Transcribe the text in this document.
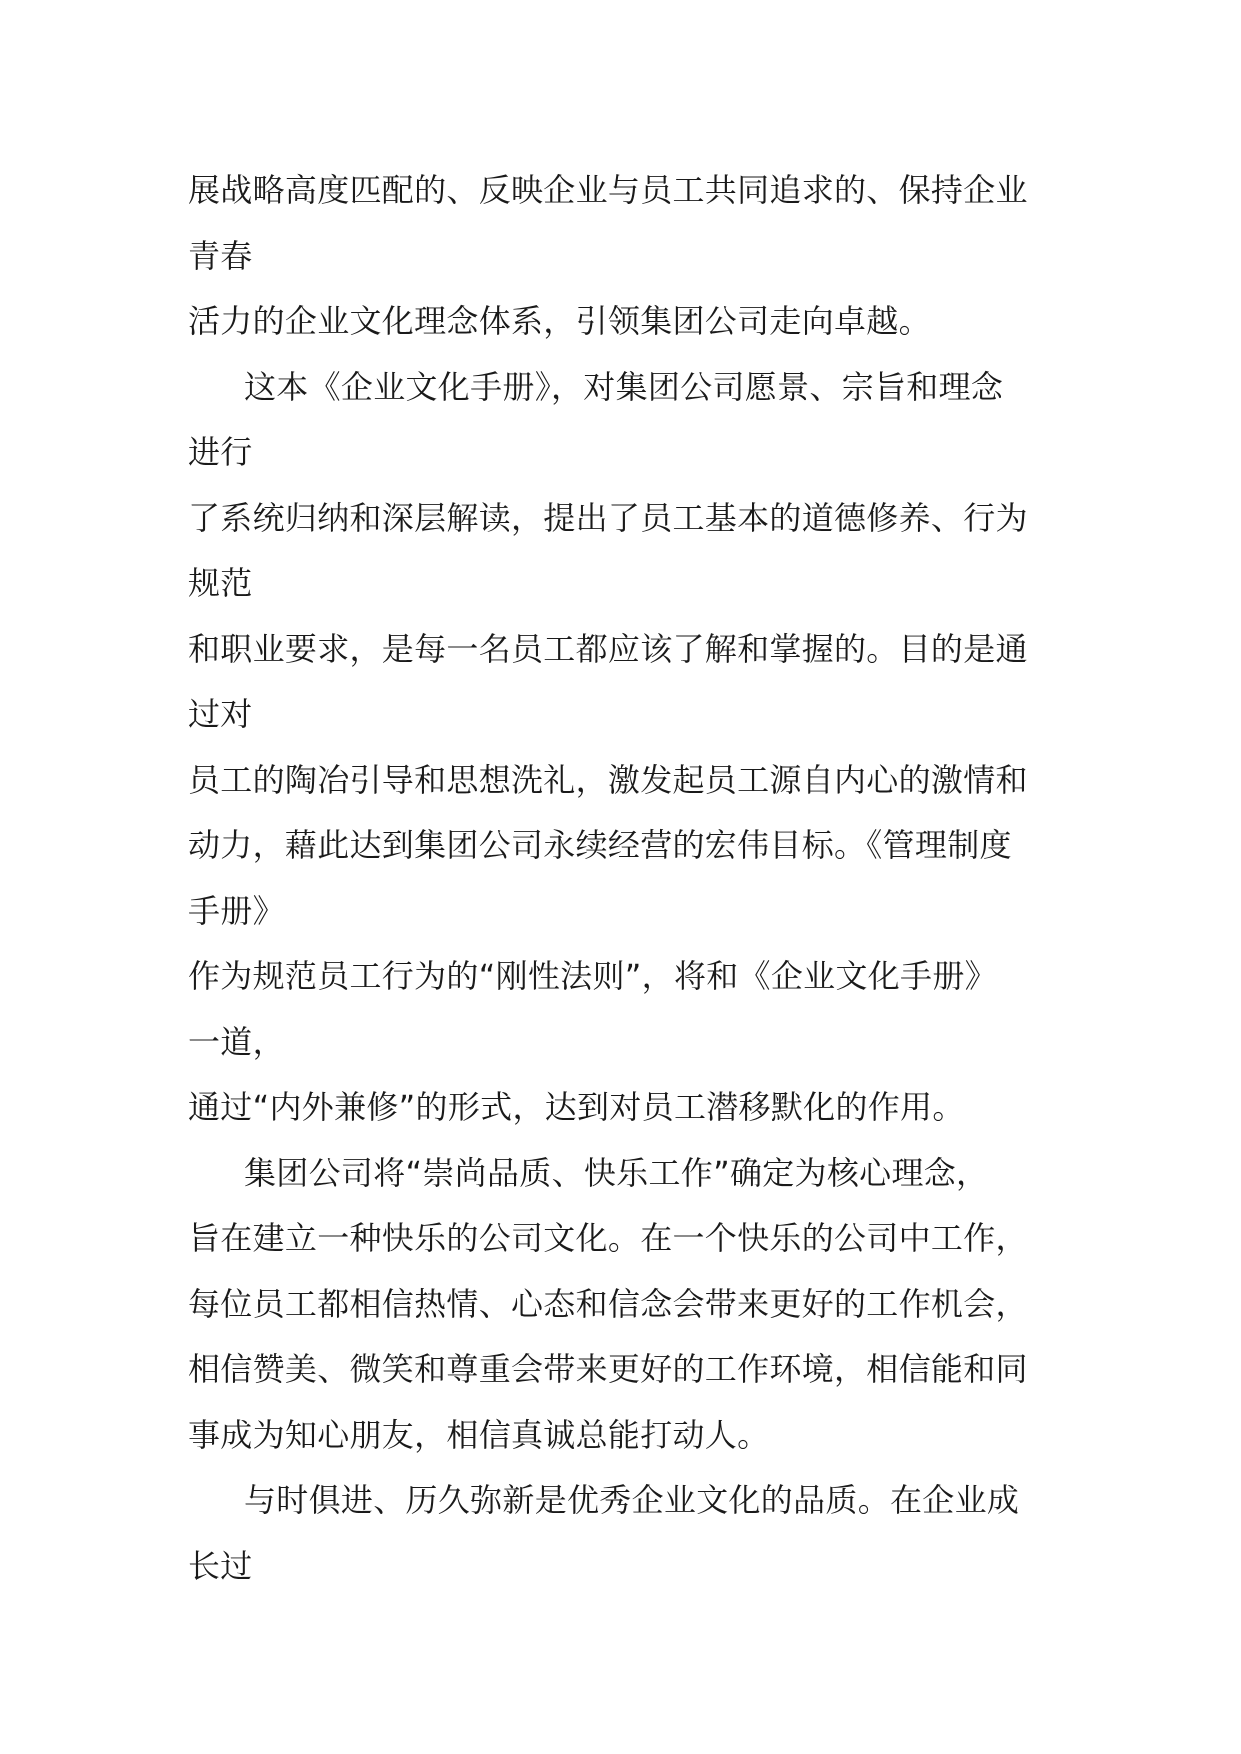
展战略高度匹配的、反映企业与员工共同追求的、保持企业
青春
活力的企业文化理念体系，引领集团公司走向卓越。
这本《企业文化手册》，对集团公司愿景、宗旨和理念
进行
了系统归纳和深层解读，提出了员工基本的道德修养、行为
规范
和职业要求，是每一名员工都应该了解和掌握的。目的是通
过对
员工的陶冶引导和思想洗礼，激发起员工源自内心的激情和
动力，藉此达到集团公司永续经营的宏伟目标。《管理制度
手册》
作为规范员工行为的“刚性法则”，将和《企业文化手册》
一道，
通过“内外兼修”的形式，达到对员工潜移默化的作用。
集团公司将“崇尚品质、快乐工作”确定为核心理念，
旨在建立一种快乐的公司文化。在一个快乐的公司中工作，
每位员工都相信热情、心态和信念会带来更好的工作机会，
相信赞美、微笑和尊重会带来更好的工作环境，相信能和同
事成为知心朋友，相信真诚总能打动人。
与时俱进、历久弥新是优秀企业文化的品质。在企业成
长过
